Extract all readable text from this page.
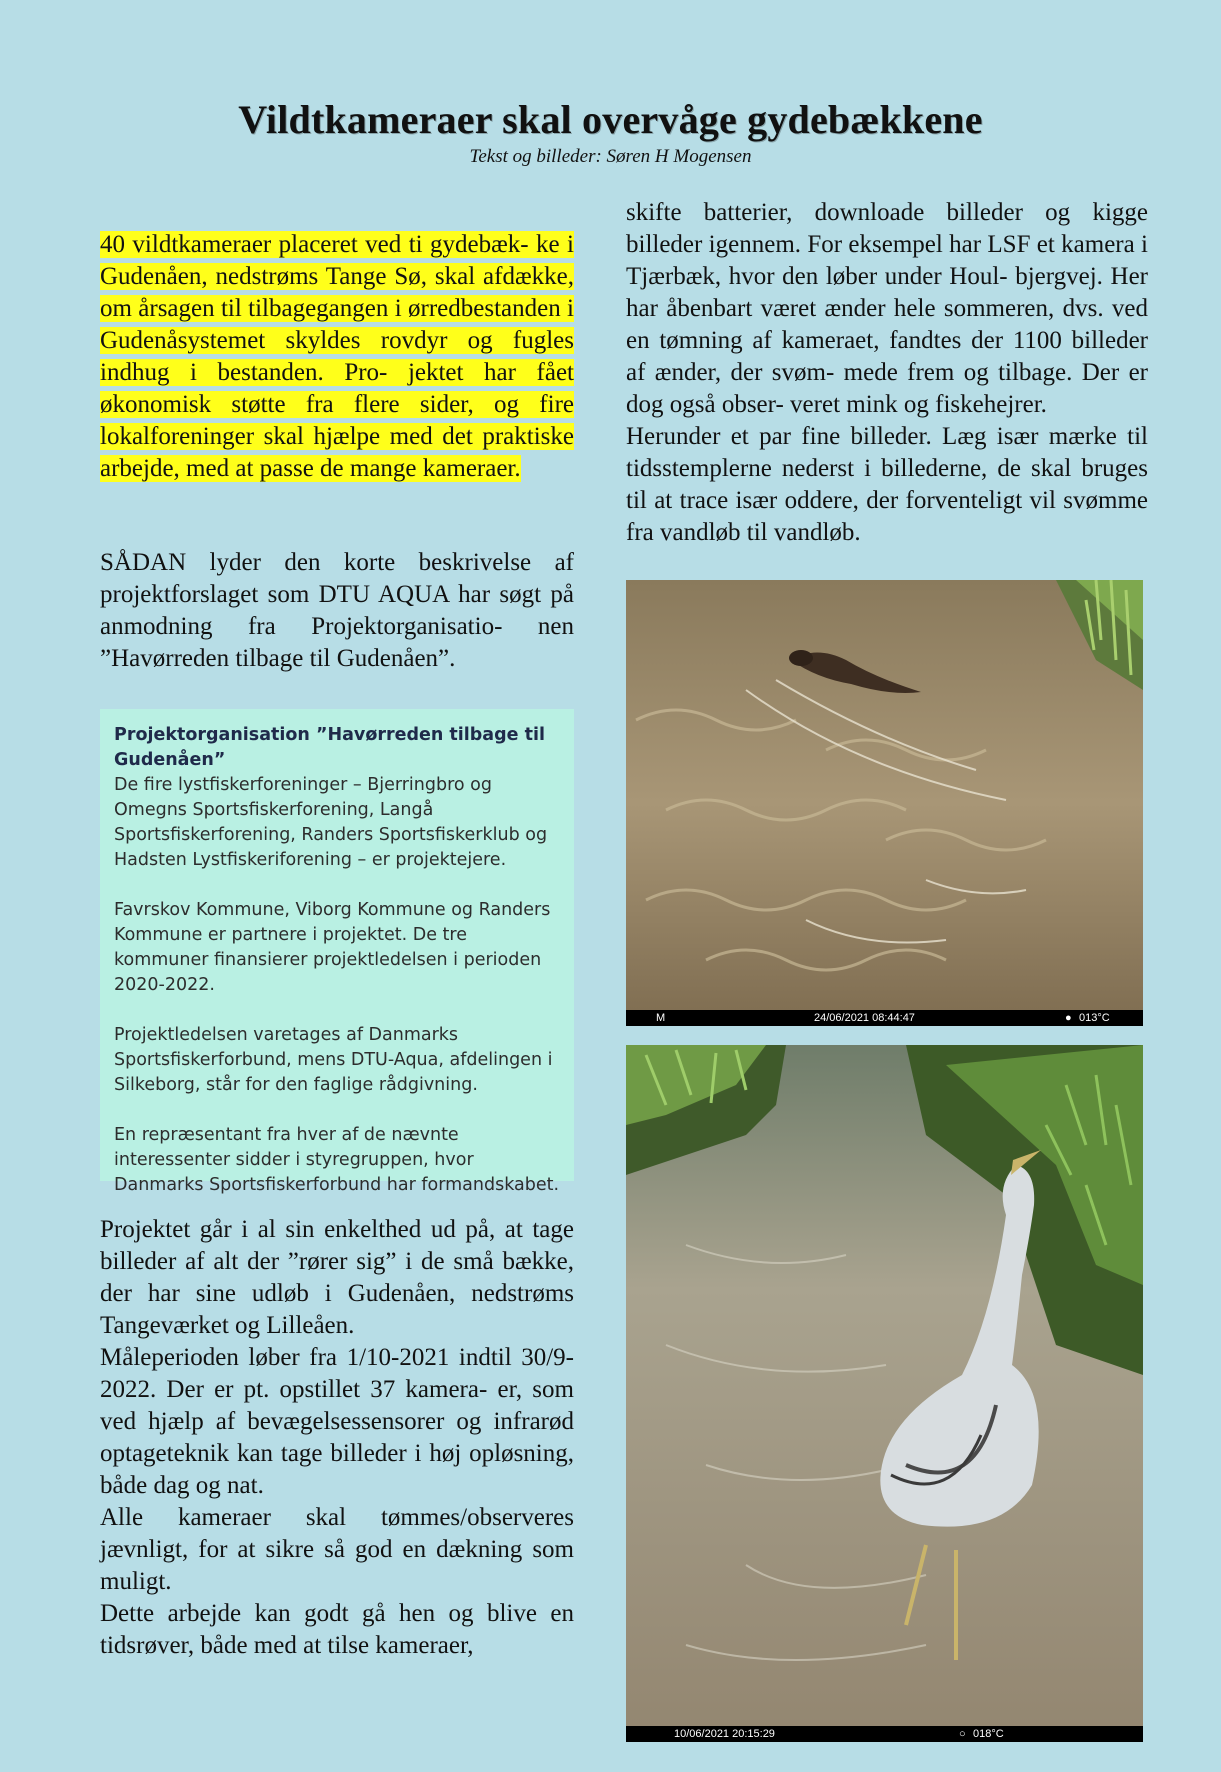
Vildtkameraer skal overvåge gydebækkene

Tekst og billeder: Søren H Mogensen

40 vildtkameraer placeret ved ti gydebæk- ke i Gudenåen, nedstrøms Tange Sø, skal afdække, om årsagen til tilbagegangen i ørredbestanden i Gudenåsystemet skyldes rovdyr og fugles indhug i bestanden. Pro- jektet har fået økonomisk støtte fra flere sider, og fire lokalforeninger skal hjælpe med det praktiske arbejde, med at passe de mange kameraer.

SÅDAN lyder den korte beskrivelse af projektforslaget som DTU AQUA har søgt på anmodning fra Projektorganisatio- nen ”Havørreden tilbage til Gudenåen”.

Projektorganisation ”Havørreden tilbage til Gudenåen”

De fire lystfiskerforeninger – Bjerringbro og Omegns Sportsfiskerforening, Langå Sportsfiskerforening, Randers Sportsfiskerklub og Hadsten Lystfiskeriforening – er projektejere.

Favrskov Kommune, Viborg Kommune og Randers Kommune er partnere i projektet. De tre kommuner finansierer projektledelsen i perioden 2020-2022.

Projektledelsen varetages af Danmarks Sportsfiskerforbund, mens DTU-Aqua, afdelingen i Silkeborg, står for den faglige rådgivning.

En repræsentant fra hver af de nævnte interessenter sidder i styregruppen, hvor Danmarks Sportsfiskerforbund har formandskabet.

Projektet går i al sin enkelthed ud på, at tage billeder af alt der ”rører sig” i de små bække, der har sine udløb i Gudenåen, nedstrøms Tangeværket og Lilleåen.
Måleperioden løber fra 1/10-2021 indtil 30/9-2022. Der er pt. opstillet 37 kamera- er, som ved hjælp af bevægelsessensorer og infrarød optageteknik kan tage billeder i høj opløsning, både dag og nat.
Alle kameraer skal tømmes/observeres jævnligt, for at sikre så god en dækning som muligt.
Dette arbejde kan godt gå hen og blive en tidsrøver, både med at tilse kameraer,
skifte batterier, downloade billeder og kigge billeder igennem. For eksempel har LSF et kamera i Tjærbæk, hvor den løber under Houl- bjergvej. Her har åbenbart været ænder hele sommeren, dvs. ved en tømning af kameraet, fandtes der 1100 billeder af ænder, der svøm- mede frem og tilbage. Der er dog også obser- veret mink og fiskehejrer.
Herunder et par fine billeder. Læg især mærke til tidsstemplerne nederst i billederne, de skal bruges til at trace især oddere, der forventeligt vil svømme fra vandløb til vandløb.
M	24/06/2021 08:44:47	● 013°C
10/06/2021 20:15:29	○ 018°C
